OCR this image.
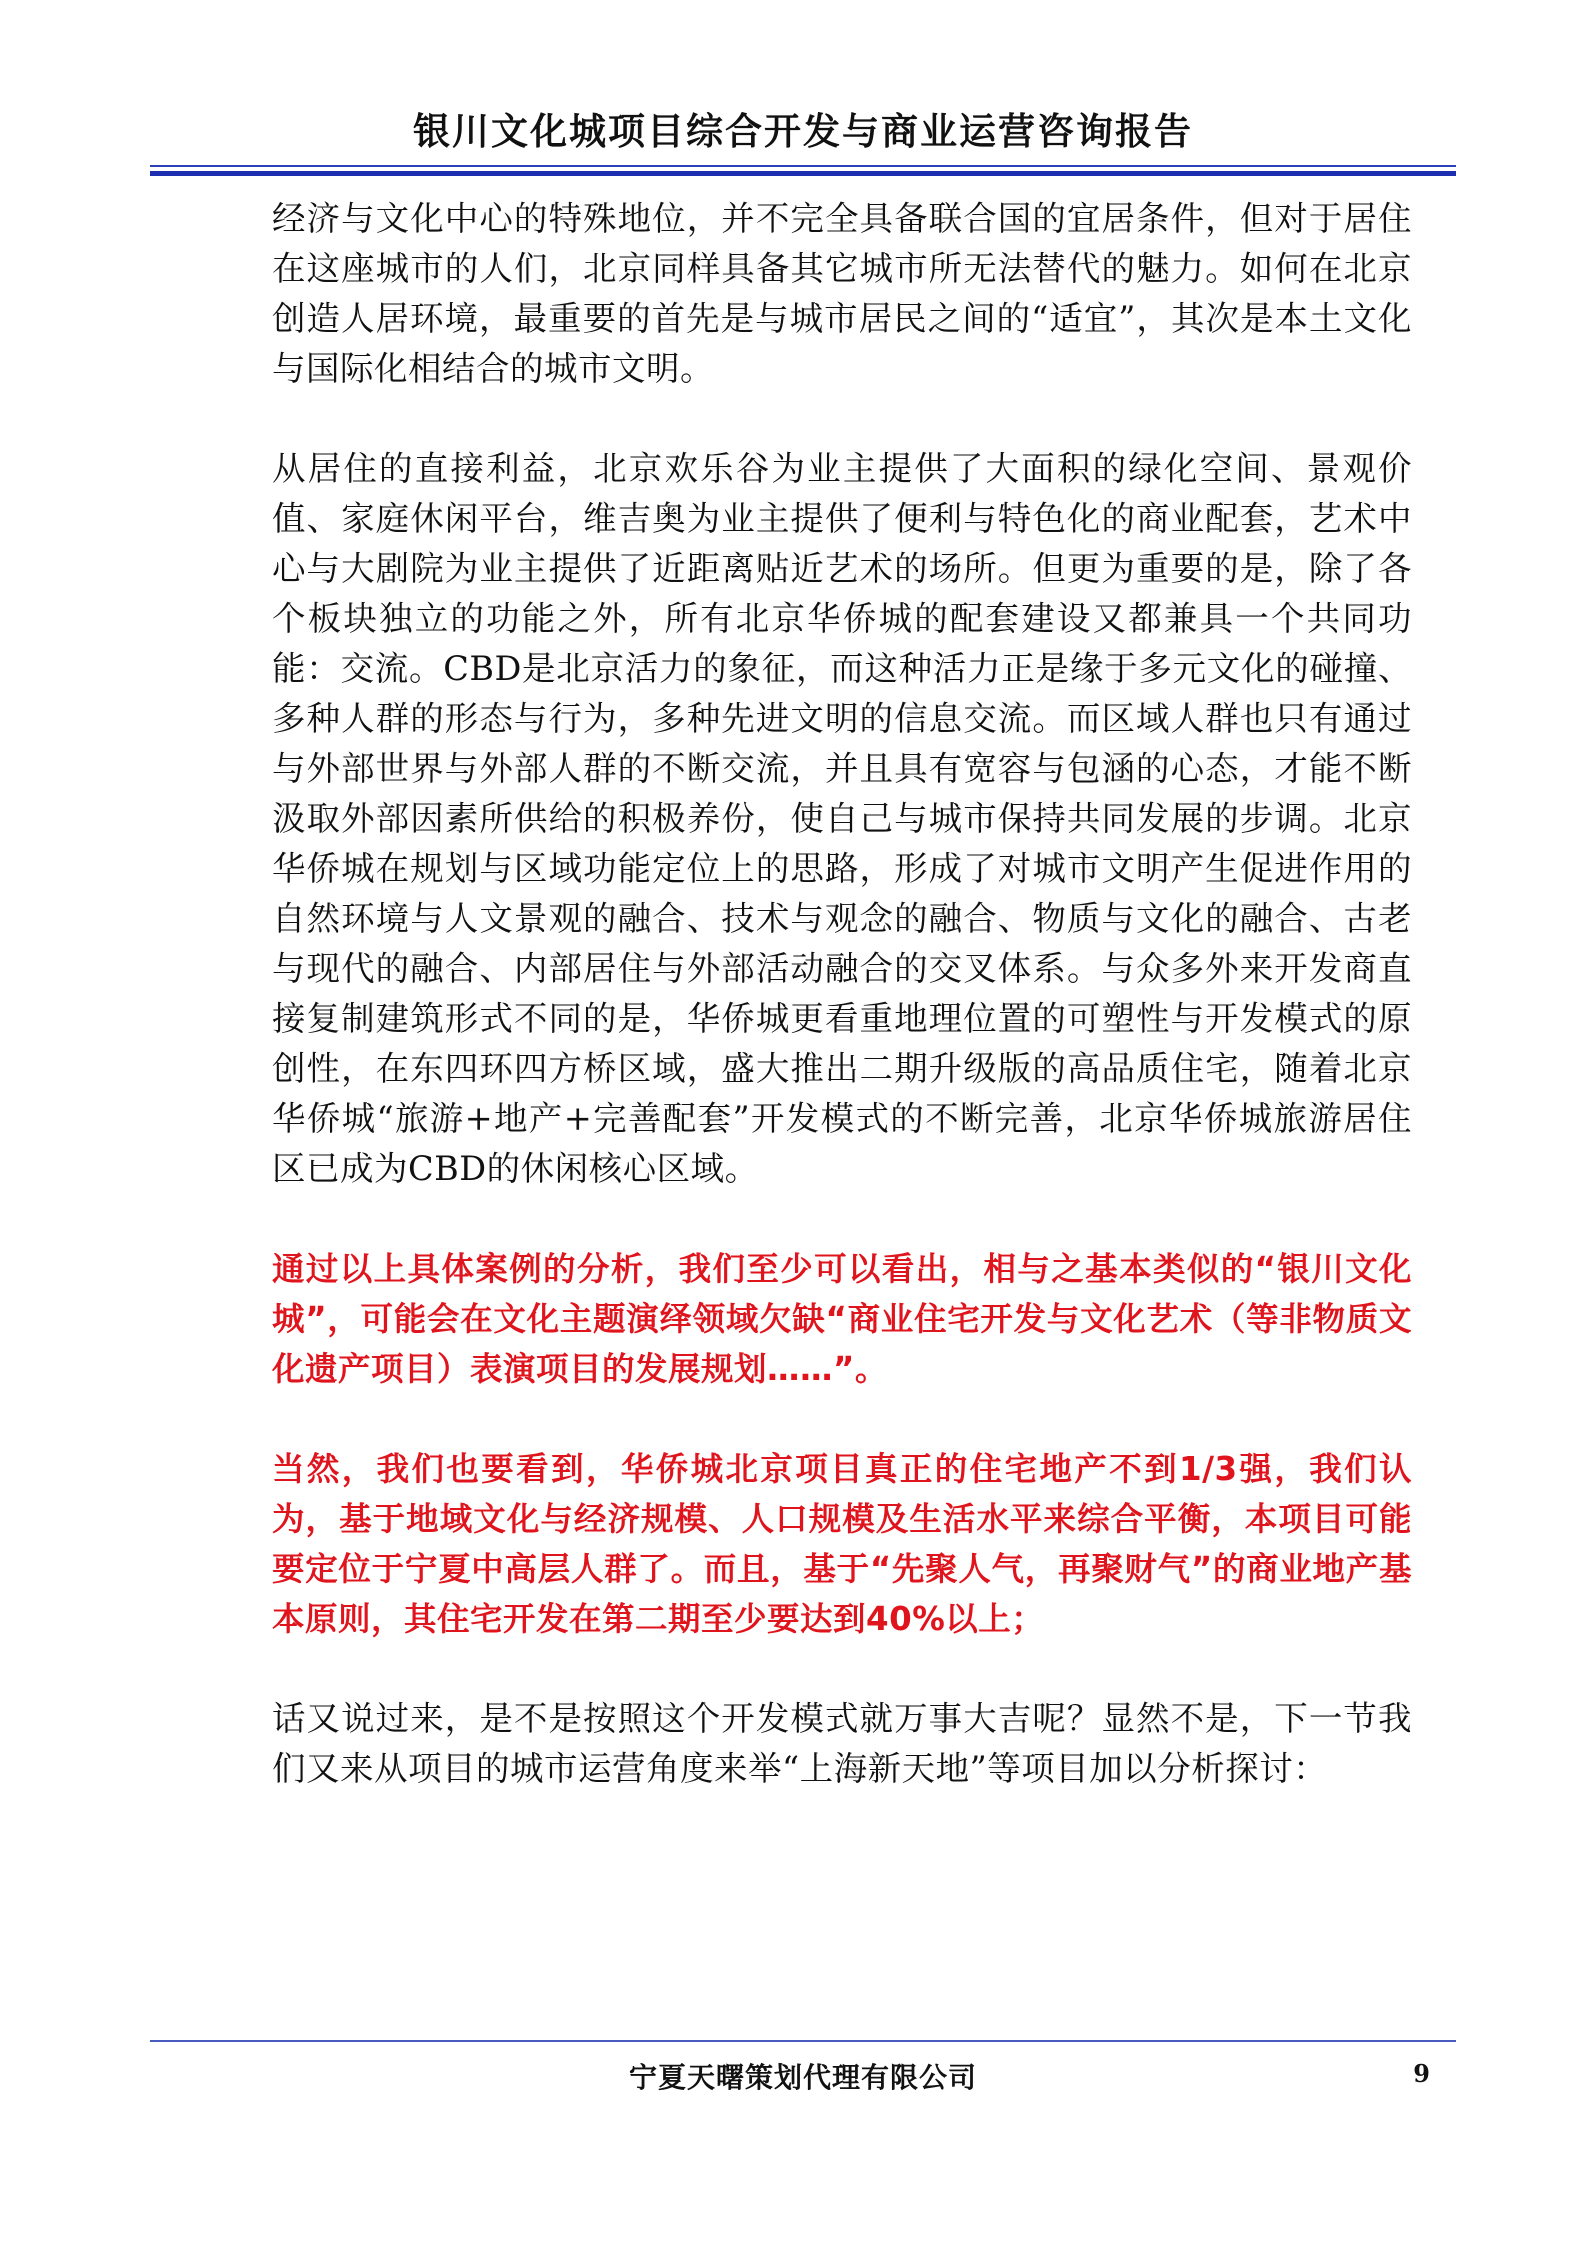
银川文化城项目综合开发与商业运营咨询报告

经济与文化中心的特殊地位，并不完全具备联合国的宜居条件，但对于居住在这座城市的人们，北京同样具备其它城市所无法替代的魅力。如何在北京创造人居环境，最重要的首先是与城市居民之间的“适宜”，其次是本土文化与国际化相结合的城市文明。

从居住的直接利益，北京欢乐谷为业主提供了大面积的绿化空间、景观价值、家庭休闲平台，维吉奥为业主提供了便利与特色化的商业配套，艺术中心与大剧院为业主提供了近距离贴近艺术的场所。但更为重要的是，除了各个板块独立的功能之外，所有北京华侨城的配套建设又都兼具一个共同功能：交流。CBD是北京活力的象征，而这种活力正是缘于多元文化的碰撞、多种人群的形态与行为，多种先进文明的信息交流。而区域人群也只有通过与外部世界与外部人群的不断交流，并且具有宽容与包涵的心态，才能不断汲取外部因素所供给的积极养份，使自己与城市保持共同发展的步调。北京华侨城在规划与区域功能定位上的思路，形成了对城市文明产生促进作用的自然环境与人文景观的融合、技术与观念的融合、物质与文化的融合、古老与现代的融合、内部居住与外部活动融合的交叉体系。与众多外来开发商直接复制建筑形式不同的是，华侨城更看重地理位置的可塑性与开发模式的原创性，在东四环四方桥区域，盛大推出二期升级版的高品质住宅，随着北京华侨城“旅游+地产+完善配套”开发模式的不断完善，北京华侨城旅游居住区已成为CBD的休闲核心区域。

通过以上具体案例的分析，我们至少可以看出，相与之基本类似的“银川文化城”，可能会在文化主题演绎领域欠缺“商业住宅开发与文化艺术（等非物质文化遗产项目）表演项目的发展规划……”。

当然，我们也要看到，华侨城北京项目真正的住宅地产不到1/3强，我们认为，基于地域文化与经济规模、人口规模及生活水平来综合平衡，本项目可能要定位于宁夏中高层人群了。而且，基于“先聚人气，再聚财气”的商业地产基本原则，其住宅开发在第二期至少要达到40%以上；

话又说过来，是不是按照这个开发模式就万事大吉呢？显然不是，下一节我们又来从项目的城市运营角度来举“上海新天地”等项目加以分析探讨：

宁夏天曙策划代理有限公司	9
